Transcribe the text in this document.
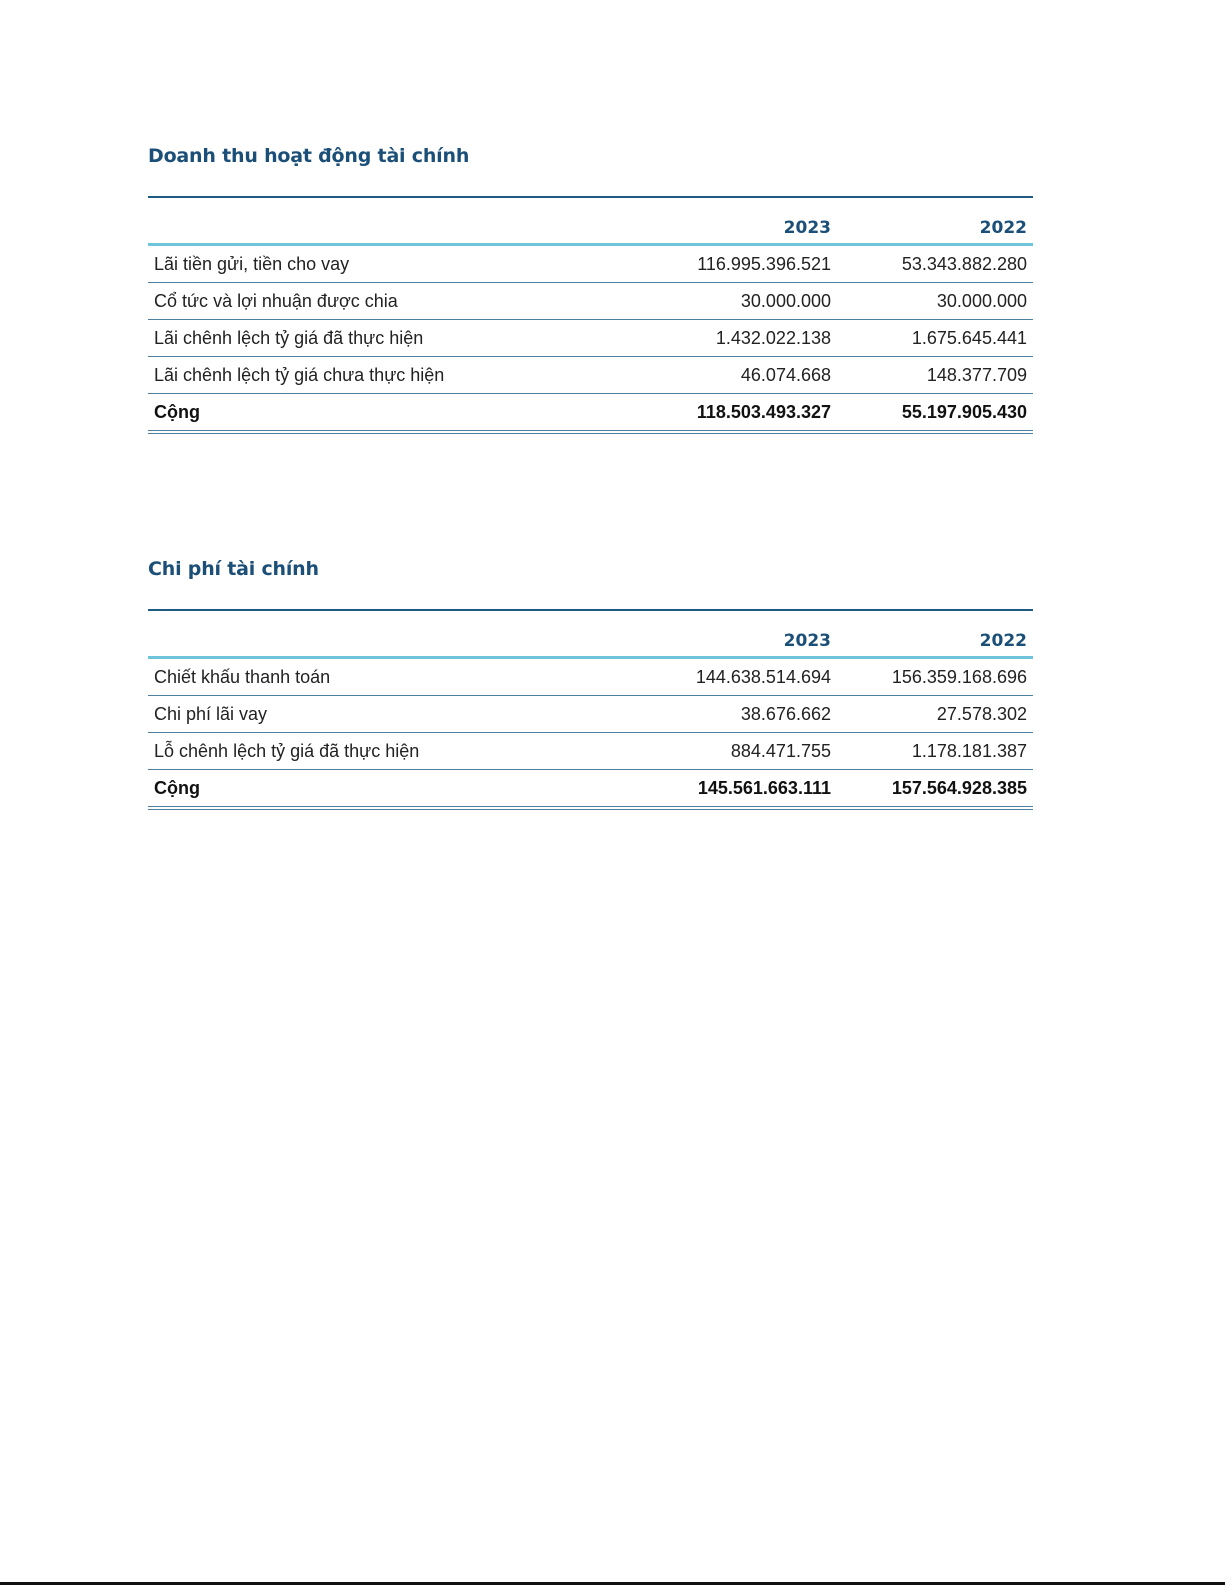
Doanh thu hoạt động tài chính
	2023	2022
Lãi tiền gửi, tiền cho vay	116.995.396.521	53.343.882.280
Cổ tức và lợi nhuận được chia	30.000.000	30.000.000
Lãi chênh lệch tỷ giá đã thực hiện	1.432.022.138	1.675.645.441
Lãi chênh lệch tỷ giá chưa thực hiện	46.074.668	148.377.709
Cộng	118.503.493.327	55.197.905.430
Chi phí tài chính
	2023	2022
Chiết khấu thanh toán	144.638.514.694	156.359.168.696
Chi phí lãi vay	38.676.662	27.578.302
Lỗ chênh lệch tỷ giá đã thực hiện	884.471.755	1.178.181.387
Cộng	145.561.663.111	157.564.928.385
